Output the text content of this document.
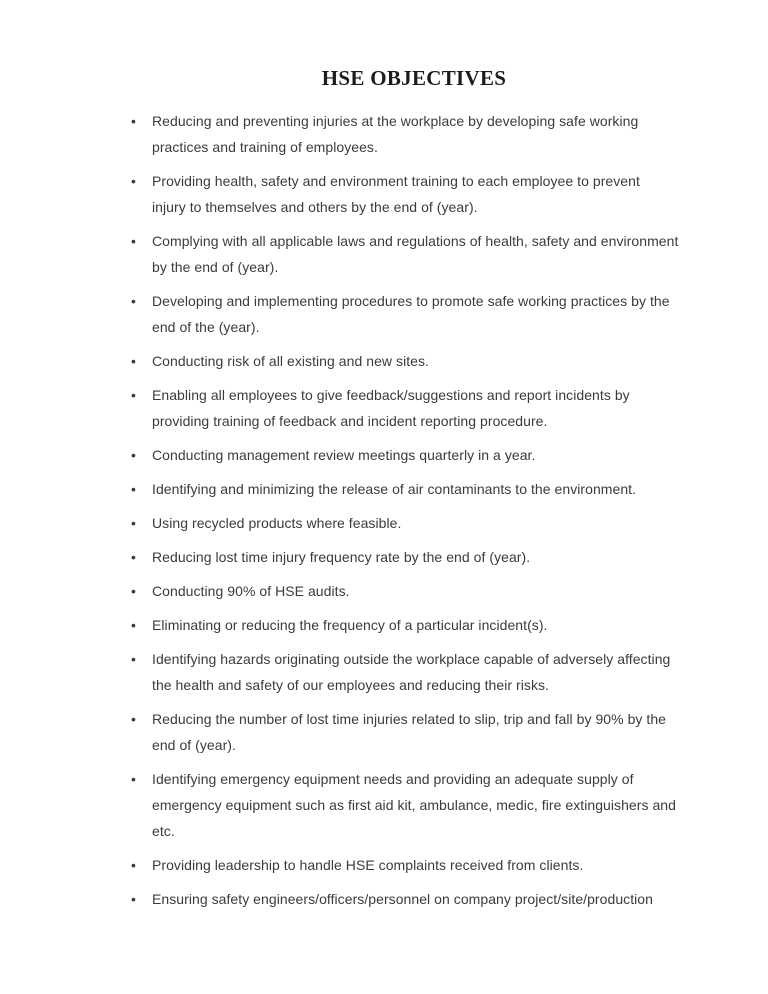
HSE OBJECTIVES
•	Reducing and preventing injuries at the workplace by developing safe working
practices and training of employees.
•	Providing health, safety and environment training to each employee to prevent
injury to themselves and others by the end of (year).
•	Complying with all applicable laws and regulations of health, safety and environment
by the end of (year).
•	Developing and implementing procedures to promote safe working practices by the
end of the (year).
•	Conducting risk of all existing and new sites.
•	Enabling all employees to give feedback/suggestions and report incidents by
providing training of feedback and incident reporting procedure.
•	Conducting management review meetings quarterly in a year.
•	Identifying and minimizing the release of air contaminants to the environment.
•	Using recycled products where feasible.
•	Reducing lost time injury frequency rate by the end of (year).
•	Conducting 90% of HSE audits.
•	Eliminating or reducing the frequency of a particular incident(s).
•	Identifying hazards originating outside the workplace capable of adversely affecting
the health and safety of our employees and reducing their risks.
•	Reducing the number of lost time injuries related to slip, trip and fall by 90% by the
end of (year).
•	Identifying emergency equipment needs and providing an adequate supply of
emergency equipment such as first aid kit, ambulance, medic, fire extinguishers and
etc.
•	Providing leadership to handle HSE complaints received from clients.
•	Ensuring safety engineers/officers/personnel on company project/site/production
